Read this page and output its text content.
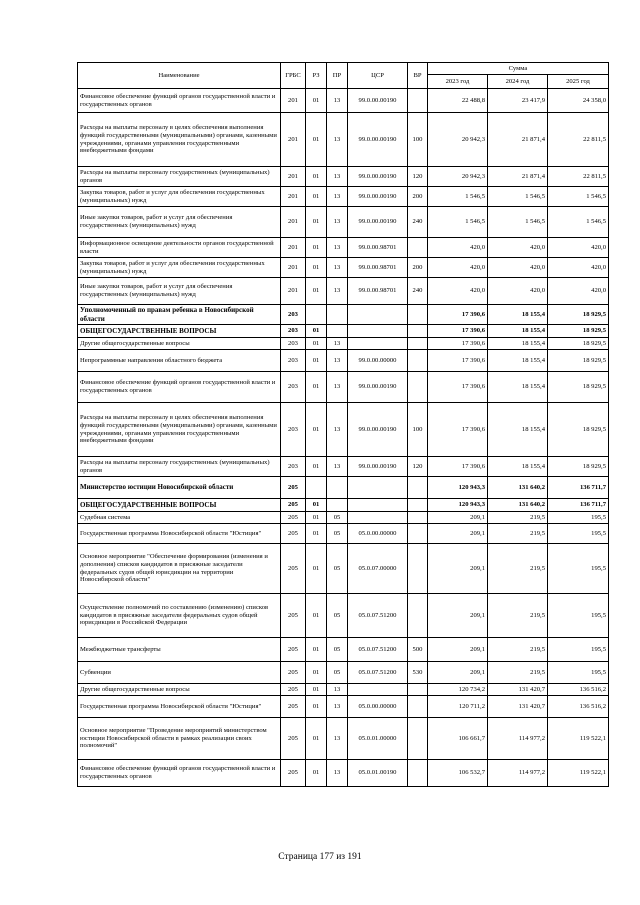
Наименование	ГРБС	РЗ	ПР	ЦСР	ВР	Сумма		
						2023 год	2024 год	2025 год
Финансовое обеспечение функций органов государственной власти и государственных органов	201	01	13	99.0.00.00190		22 488,8	23 417,9	24 358,0
Расходы на выплаты персоналу в целях обеспечения выполнения функций государственными (муниципальными) органами, казенными учреждениями, органами управления государственными внебюджетными фондами	201	01	13	99.0.00.00190	100	20 942,3	21 871,4	22 811,5
Расходы на выплаты персоналу государственных (муниципальных) органов	201	01	13	99.0.00.00190	120	20 942,3	21 871,4	22 811,5
Закупка товаров, работ и услуг для обеспечения государственных (муниципальных) нужд	201	01	13	99.0.00.00190	200	1 546,5	1 546,5	1 546,5
Иные закупки товаров, работ и услуг для обеспечения государственных (муниципальных) нужд	201	01	13	99.0.00.00190	240	1 546,5	1 546,5	1 546,5
Информационное освещение деятельности органов государственной власти	201	01	13	99.0.00.98701		420,0	420,0	420,0
Закупка товаров, работ и услуг для обеспечения государственных (муниципальных) нужд	201	01	13	99.0.00.98701	200	420,0	420,0	420,0
Иные закупки товаров, работ и услуг для обеспечения государственных (муниципальных) нужд	201	01	13	99.0.00.98701	240	420,0	420,0	420,0
Уполномоченный по правам ребенка в Новосибирской области	203					17 390,6	18 155,4	18 929,5
ОБЩЕГОСУДАРСТВЕННЫЕ ВОПРОСЫ	203	01				17 390,6	18 155,4	18 929,5
Другие общегосударственные вопросы	203	01	13			17 390,6	18 155,4	18 929,5
Непрограммные направления областного бюджета	203	01	13	99.0.00.00000		17 390,6	18 155,4	18 929,5
Финансовое обеспечение функций органов государственной власти и государственных органов	203	01	13	99.0.00.00190		17 390,6	18 155,4	18 929,5
Расходы на выплаты персоналу в целях обеспечения выполнения функций государственными (муниципальными) органами, казенными учреждениями, органами управления государственными внебюджетными фондами	203	01	13	99.0.00.00190	100	17 390,6	18 155,4	18 929,5
Расходы на выплаты персоналу государственных (муниципальных) органов	203	01	13	99.0.00.00190	120	17 390,6	18 155,4	18 929,5
Министерство юстиции Новосибирской области	205					120 943,3	131 640,2	136 711,7
ОБЩЕГОСУДАРСТВЕННЫЕ ВОПРОСЫ	205	01				120 943,3	131 640,2	136 711,7
Судебная система	205	01	05			209,1	219,5	195,5
Государственная программа Новосибирской области "Юстиция"	205	01	05	05.0.00.00000		209,1	219,5	195,5
Основное мероприятие "Обеспечение формирования (изменения и дополнения) списков кандидатов в присяжные заседатели федеральных судов общей юрисдикции на территории Новосибирской области"	205	01	05	05.0.07.00000		209,1	219,5	195,5
Осуществление полномочий по составлению (изменению) списков кандидатов в присяжные заседатели федеральных судов общей юрисдикции в Российской Федерации	205	01	05	05.0.07.51200		209,1	219,5	195,5
Межбюджетные трансферты	205	01	05	05.0.07.51200	500	209,1	219,5	195,5
Субвенции	205	01	05	05.0.07.51200	530	209,1	219,5	195,5
Другие общегосударственные вопросы	205	01	13			120 734,2	131 420,7	136 516,2
Государственная программа Новосибирской области "Юстиция"	205	01	13	05.0.00.00000		120 711,2	131 420,7	136 516,2
Основное мероприятие "Проведение мероприятий министерством юстиции Новосибирской области в рамках реализации своих полномочий"	205	01	13	05.0.01.00000		106 661,7	114 977,2	119 522,1
Финансовое обеспечение функций органов государственной власти и государственных органов	205	01	13	05.0.01.00190		106 532,7	114 977,2	119 522,1
Страница 177 из 191
